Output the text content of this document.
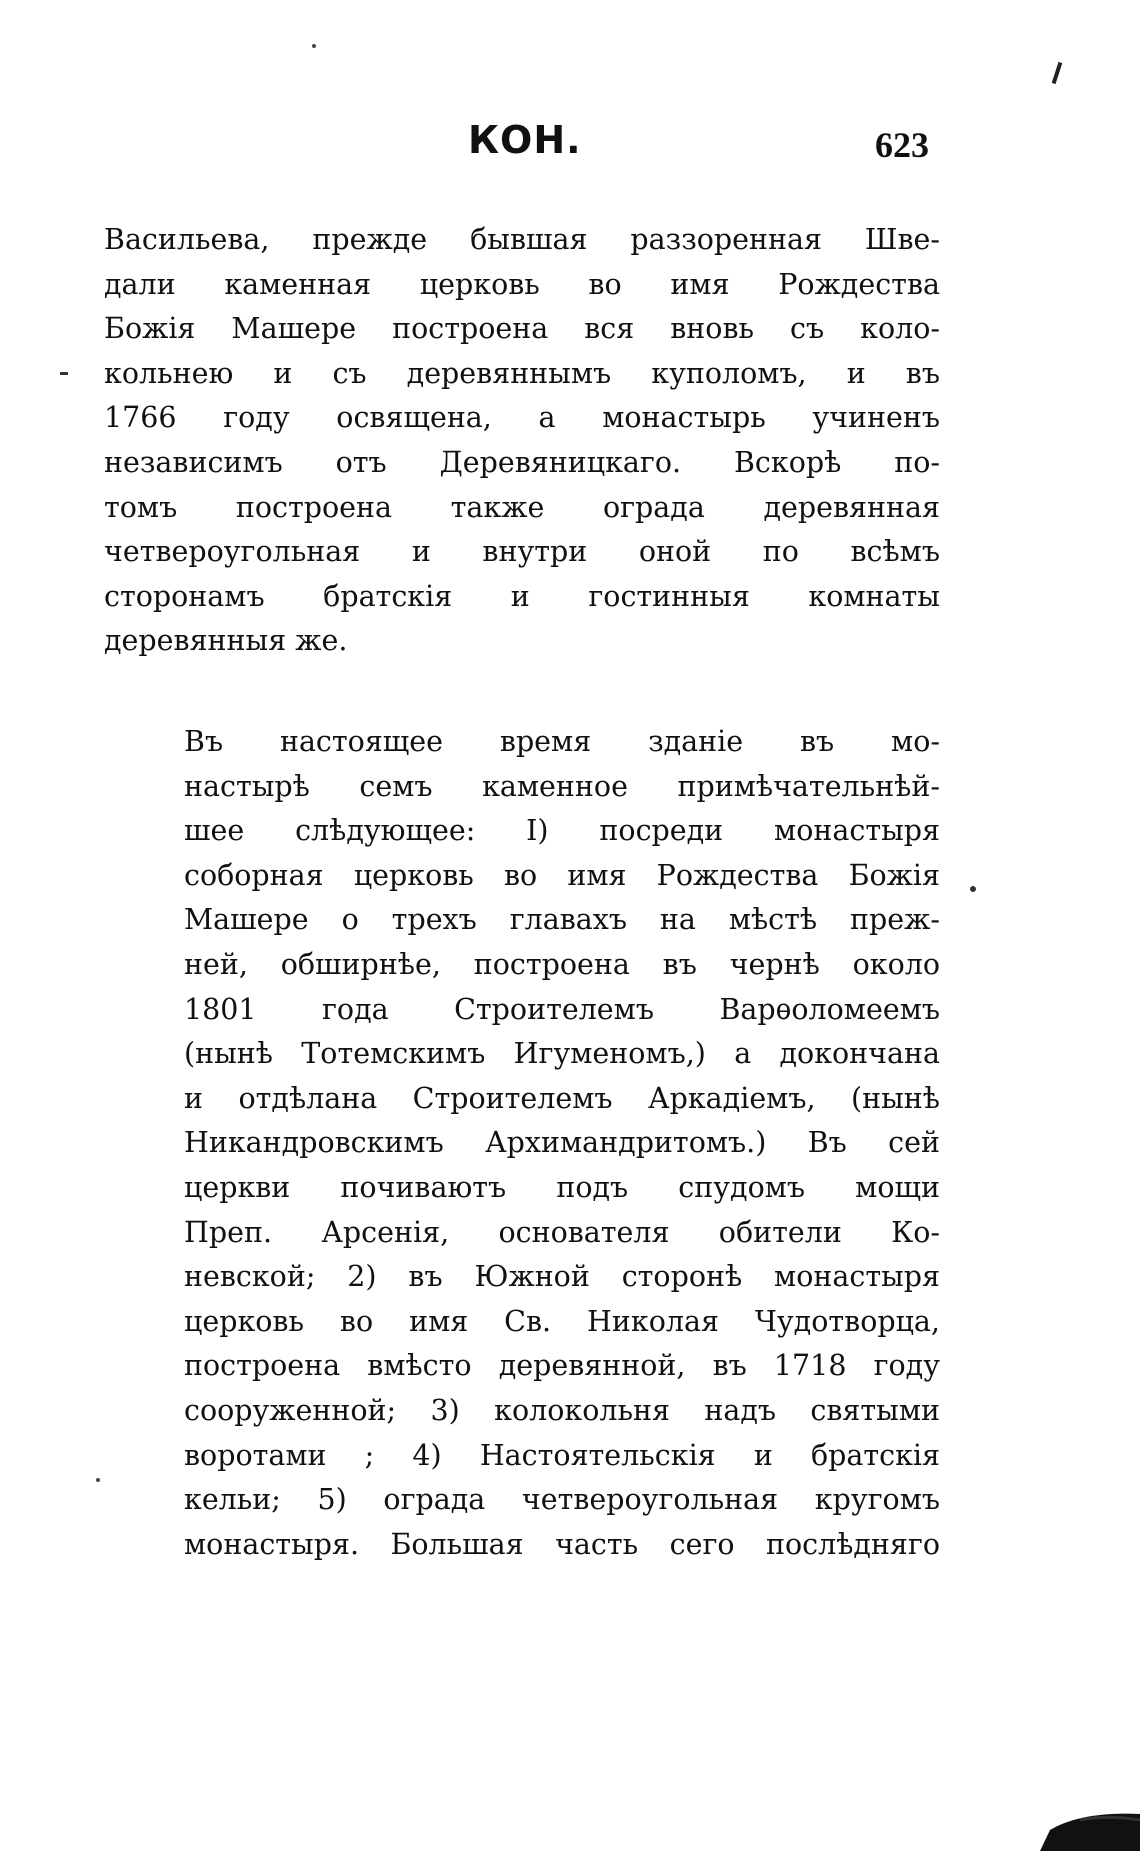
КОН.	623
Васильева, прежде бывшая раззоренная Шве-
дали каменная церковь во имя Рождества
Божія Машере построена вся вновь съ коло-
кольнею и съ деревяннымъ куполомъ, и въ
1766 году освящена, а монастырь учиненъ
независимъ отъ Деревяницкаго. Вскорѣ по-
томъ построена также ограда деревянная
четвероугольная и внутри оной по всѣмъ
сторонамъ братскія и гостинныя комнаты
деревянныя же.
Въ настоящее время зданіе въ мо-
настырѣ семъ каменное примѣчательнѣй-
шее слѣдующее: I) посреди монастыря
соборная церковь во имя Рождества Божія
Машере о трехъ главахъ на мѣстѣ преж-
ней, обширнѣе, построена въ чернѣ около
1801 года Строителемъ Варѳоломеемъ
(нынѣ Тотемскимъ Игуменомъ,) а докончана
и отдѣлана Строителемъ Аркадіемъ, (нынѣ
Никандровскимъ Архимандритомъ.) Въ сей
церкви почиваютъ подъ спудомъ мощи
Преп. Арсенія, основателя обители Ко-
невской; 2) въ Южной сторонѣ монастыря
церковь во имя Св. Николая Чудотворца,
построена вмѣсто деревянной, въ 1718 году
сооруженной; 3) колокольня надъ святыми
воротами ; 4) Настоятельскія и братскія
кельи; 5) ограда четвероугольная кругомъ
монастыря. Большая часть сего послѣдняго
